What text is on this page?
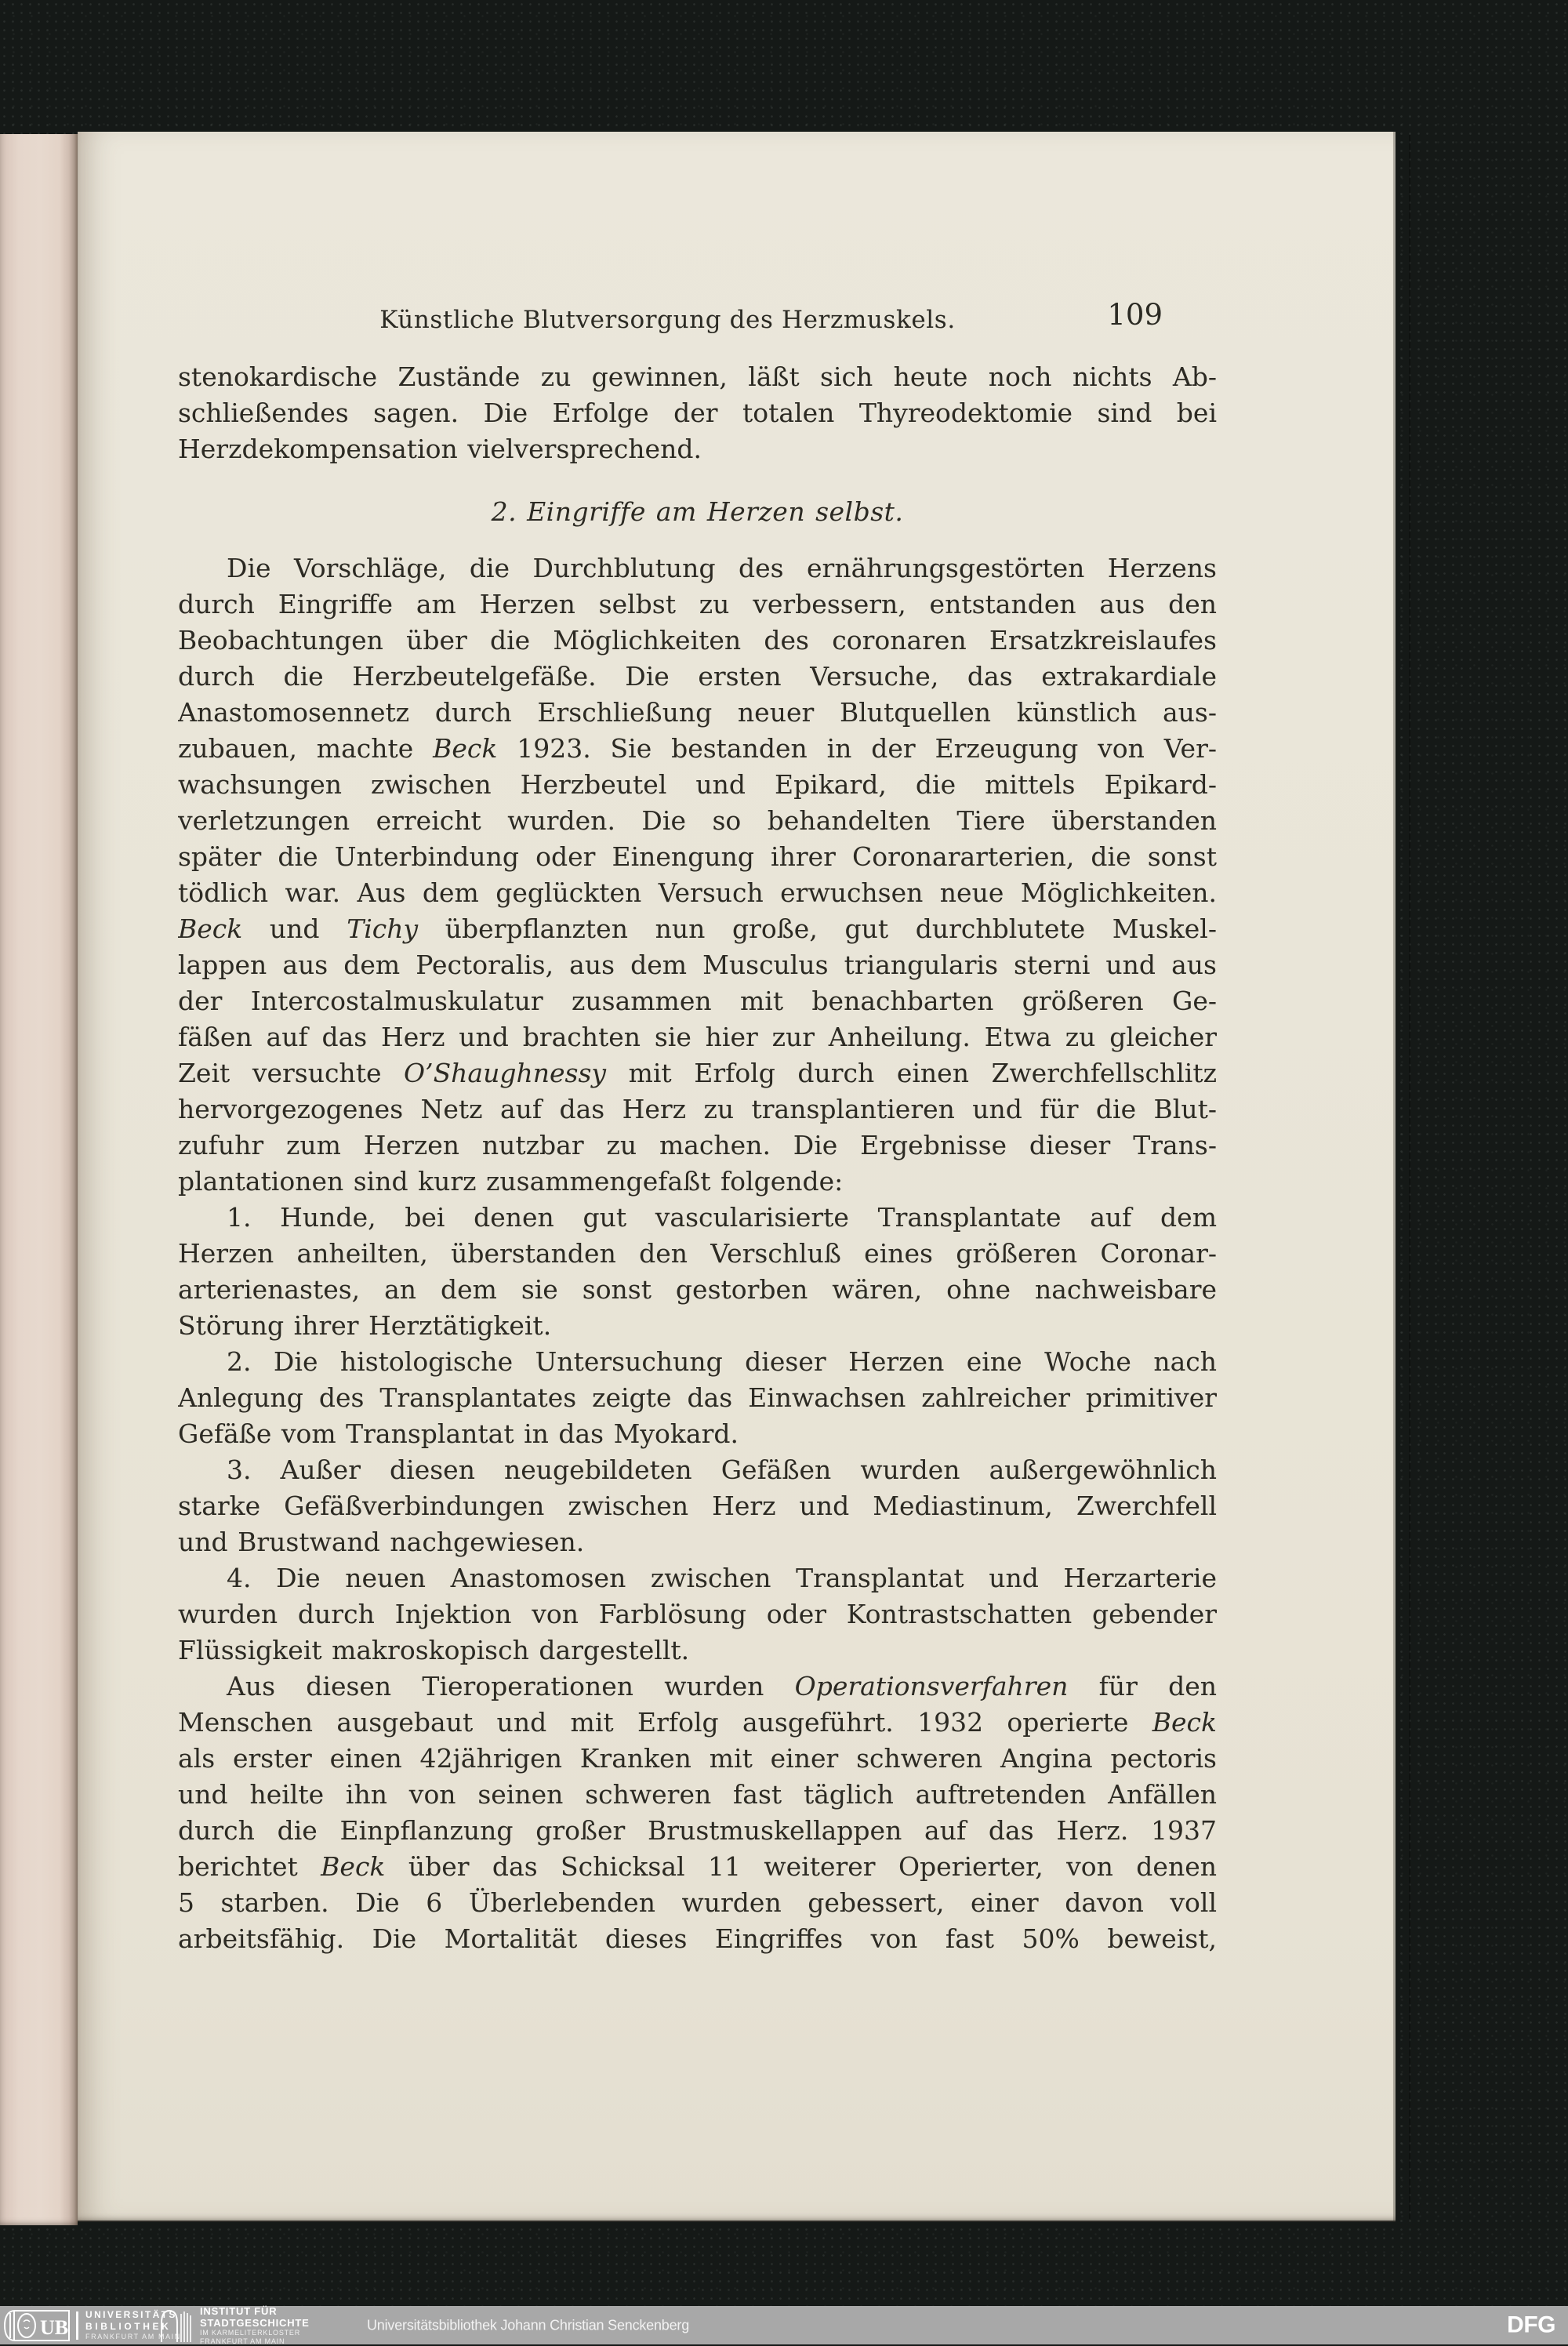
Künstliche Blutversorgung des Herzmuskels.	109
stenokardische Zustände zu gewinnen, läßt sich heute noch nichts Ab-
schließendes sagen. Die Erfolge der totalen Thyreodektomie sind bei
Herzdekompensation vielversprechend.
2. Eingriffe am Herzen selbst.
Die Vorschläge, die Durchblutung des ernährungsgestörten Herzens
durch Eingriffe am Herzen selbst zu verbessern, entstanden aus den
Beobachtungen über die Möglichkeiten des coronaren Ersatzkreislaufes
durch die Herzbeutelgefäße. Die ersten Versuche, das extrakardiale
Anastomosennetz durch Erschließung neuer Blutquellen künstlich aus-
zubauen, machte Beck 1923. Sie bestanden in der Erzeugung von Ver-
wachsungen zwischen Herzbeutel und Epikard, die mittels Epikard-
verletzungen erreicht wurden. Die so behandelten Tiere überstanden
später die Unterbindung oder Einengung ihrer Coronararterien, die sonst
tödlich war. Aus dem geglückten Versuch erwuchsen neue Möglichkeiten.
Beck und Tichy überpflanzten nun große, gut durchblutete Muskel-
lappen aus dem Pectoralis, aus dem Musculus triangularis sterni und aus
der Intercostalmuskulatur zusammen mit benachbarten größeren Ge-
fäßen auf das Herz und brachten sie hier zur Anheilung. Etwa zu gleicher
Zeit versuchte O’Shaughnessy mit Erfolg durch einen Zwerchfellschlitz
hervorgezogenes Netz auf das Herz zu transplantieren und für die Blut-
zufuhr zum Herzen nutzbar zu machen. Die Ergebnisse dieser Trans-
plantationen sind kurz zusammengefaßt folgende:
1. Hunde, bei denen gut vascularisierte Transplantate auf dem
Herzen anheilten, überstanden den Verschluß eines größeren Coronar-
arterienastes, an dem sie sonst gestorben wären, ohne nachweisbare
Störung ihrer Herztätigkeit.
2. Die histologische Untersuchung dieser Herzen eine Woche nach
Anlegung des Transplantates zeigte das Einwachsen zahlreicher primitiver
Gefäße vom Transplantat in das Myokard.
3. Außer diesen neugebildeten Gefäßen wurden außergewöhnlich
starke Gefäßverbindungen zwischen Herz und Mediastinum, Zwerchfell
und Brustwand nachgewiesen.
4. Die neuen Anastomosen zwischen Transplantat und Herzarterie
wurden durch Injektion von Farblösung oder Kontrastschatten gebender
Flüssigkeit makroskopisch dargestellt.
Aus diesen Tieroperationen wurden Operationsverfahren für den
Menschen ausgebaut und mit Erfolg ausgeführt. 1932 operierte Beck
als erster einen 42jährigen Kranken mit einer schweren Angina pectoris
und heilte ihn von seinen schweren fast täglich auftretenden Anfällen
durch die Einpflanzung großer Brustmuskellappen auf das Herz. 1937
berichtet Beck über das Schicksal 11 weiterer Operierter, von denen
5 starben. Die 6 Überlebenden wurden gebessert, einer davon voll
arbeitsfähig. Die Mortalität dieses Eingriffes von fast 50% beweist,
UB
UNIVERSITÄTS
BIBLIOTHEK
FRANKFURT AM MAIN
INSTITUT FÜR
STADTGESCHICHTE
IM KARMELITERKLOSTER
FRANKFURT AM MAIN
Universitätsbibliothek Johann Christian Senckenberg	DFG
